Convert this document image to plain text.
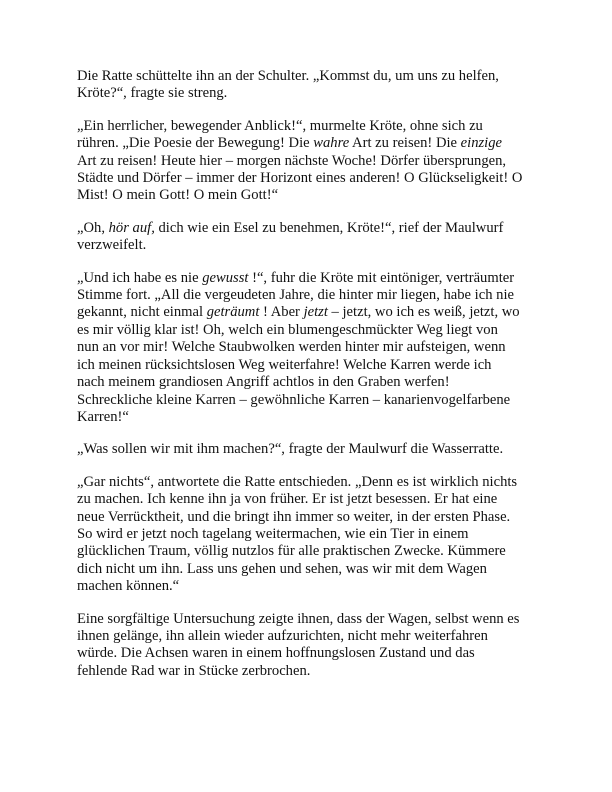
Die Ratte schüttelte ihn an der Schulter. „Kommst du, um uns zu helfen,
Kröte?“, fragte sie streng.

„Ein herrlicher, bewegender Anblick!“, murmelte Kröte, ohne sich zu
rühren. „Die Poesie der Bewegung! Die wahre Art zu reisen! Die einzige
Art zu reisen! Heute hier – morgen nächste Woche! Dörfer übersprungen,
Städte und Dörfer – immer der Horizont eines anderen! O Glückseligkeit! O
Mist! O mein Gott! O mein Gott!“

„Oh, hör auf, dich wie ein Esel zu benehmen, Kröte!“, rief der Maulwurf
verzweifelt.

„Und ich habe es nie gewusst !“, fuhr die Kröte mit eintöniger, verträumter
Stimme fort. „All die vergeudeten Jahre, die hinter mir liegen, habe ich nie
gekannt, nicht einmal geträumt ! Aber jetzt – jetzt, wo ich es weiß, jetzt, wo
es mir völlig klar ist! Oh, welch ein blumengeschmückter Weg liegt von
nun an vor mir! Welche Staubwolken werden hinter mir aufsteigen, wenn
ich meinen rücksichtslosen Weg weiterfahre! Welche Karren werde ich
nach meinem grandiosen Angriff achtlos in den Graben werfen!
Schreckliche kleine Karren – gewöhnliche Karren – kanarienvogelfarbene
Karren!“

„Was sollen wir mit ihm machen?“, fragte der Maulwurf die Wasserratte.

„Gar nichts“, antwortete die Ratte entschieden. „Denn es ist wirklich nichts
zu machen. Ich kenne ihn ja von früher. Er ist jetzt besessen. Er hat eine
neue Verrücktheit, und die bringt ihn immer so weiter, in der ersten Phase.
So wird er jetzt noch tagelang weitermachen, wie ein Tier in einem
glücklichen Traum, völlig nutzlos für alle praktischen Zwecke. Kümmere
dich nicht um ihn. Lass uns gehen und sehen, was wir mit dem Wagen
machen können.“

Eine sorgfältige Untersuchung zeigte ihnen, dass der Wagen, selbst wenn es
ihnen gelänge, ihn allein wieder aufzurichten, nicht mehr weiterfahren
würde. Die Achsen waren in einem hoffnungslosen Zustand und das
fehlende Rad war in Stücke zerbrochen.
